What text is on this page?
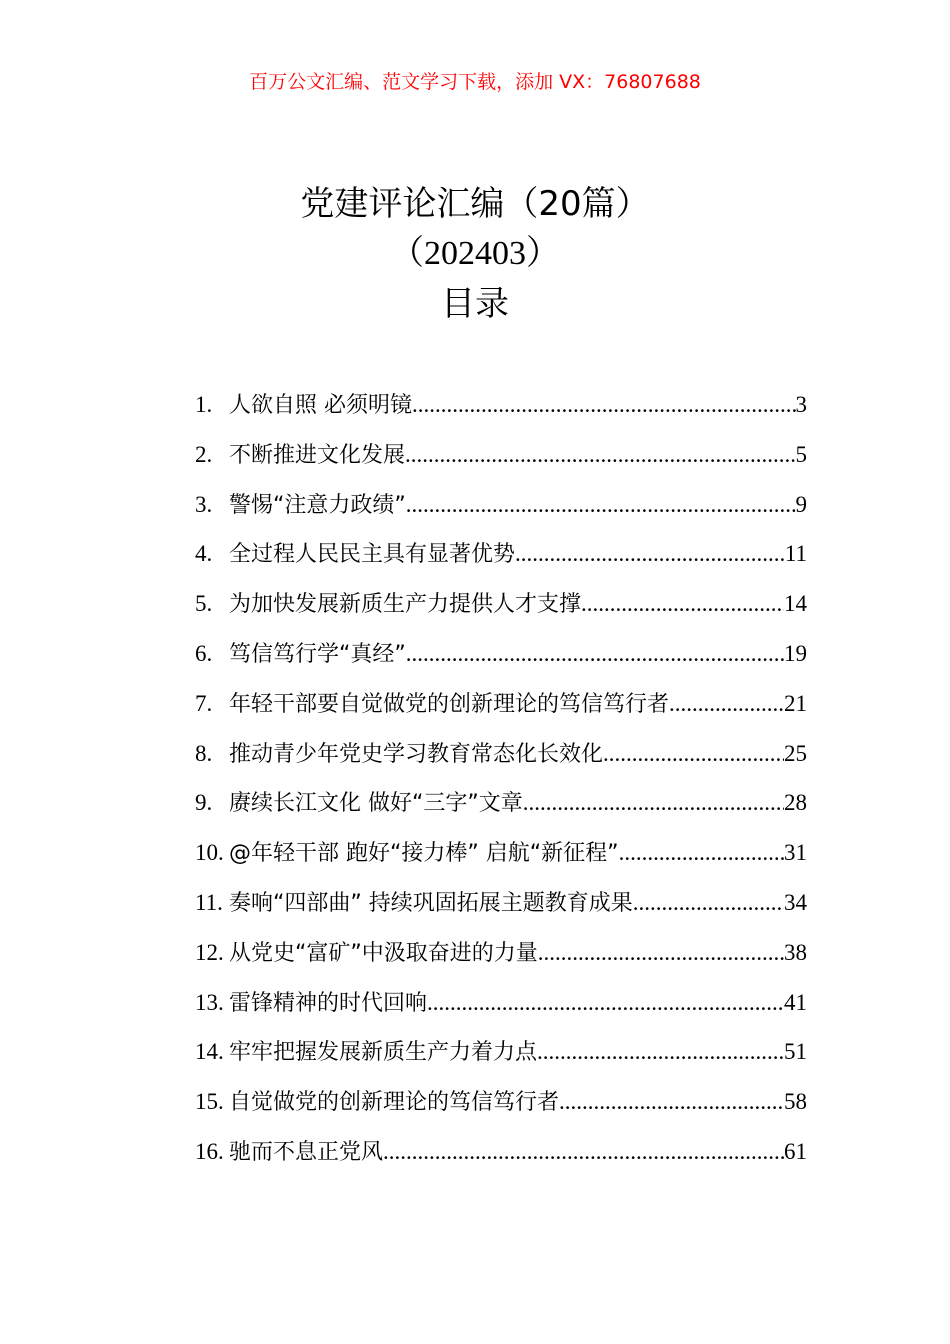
百万公文汇编、范文学习下载，添加 VX：76807688
党建评论汇编（20篇）
（202403）
目录
1. 人欲自照 必须明镜 .....	3
2. 不断推进文化发展 .....	5
3. 警惕“注意力政绩” .....	9
4. 全过程人民民主具有显著优势 .....	11
5. 为加快发展新质生产力提供人才支撑 .....	14
6. 笃信笃行学“真经” .....	19
7. 年轻干部要自觉做党的创新理论的笃信笃行者 .....	21
8. 推动青少年党史学习教育常态化长效化 .....	25
9. 赓续长江文化 做好“三字”文章 .....	28
10. @年轻干部 跑好“接力棒” 启航“新征程” .....	31
11. 奏响“四部曲” 持续巩固拓展主题教育成果 .....	34
12. 从党史“富矿”中汲取奋进的力量 .....	38
13. 雷锋精神的时代回响 .....	41
14. 牢牢把握发展新质生产力着力点 .....	51
15. 自觉做党的创新理论的笃信笃行者 .....	58
16. 驰而不息正党风 .....	61
